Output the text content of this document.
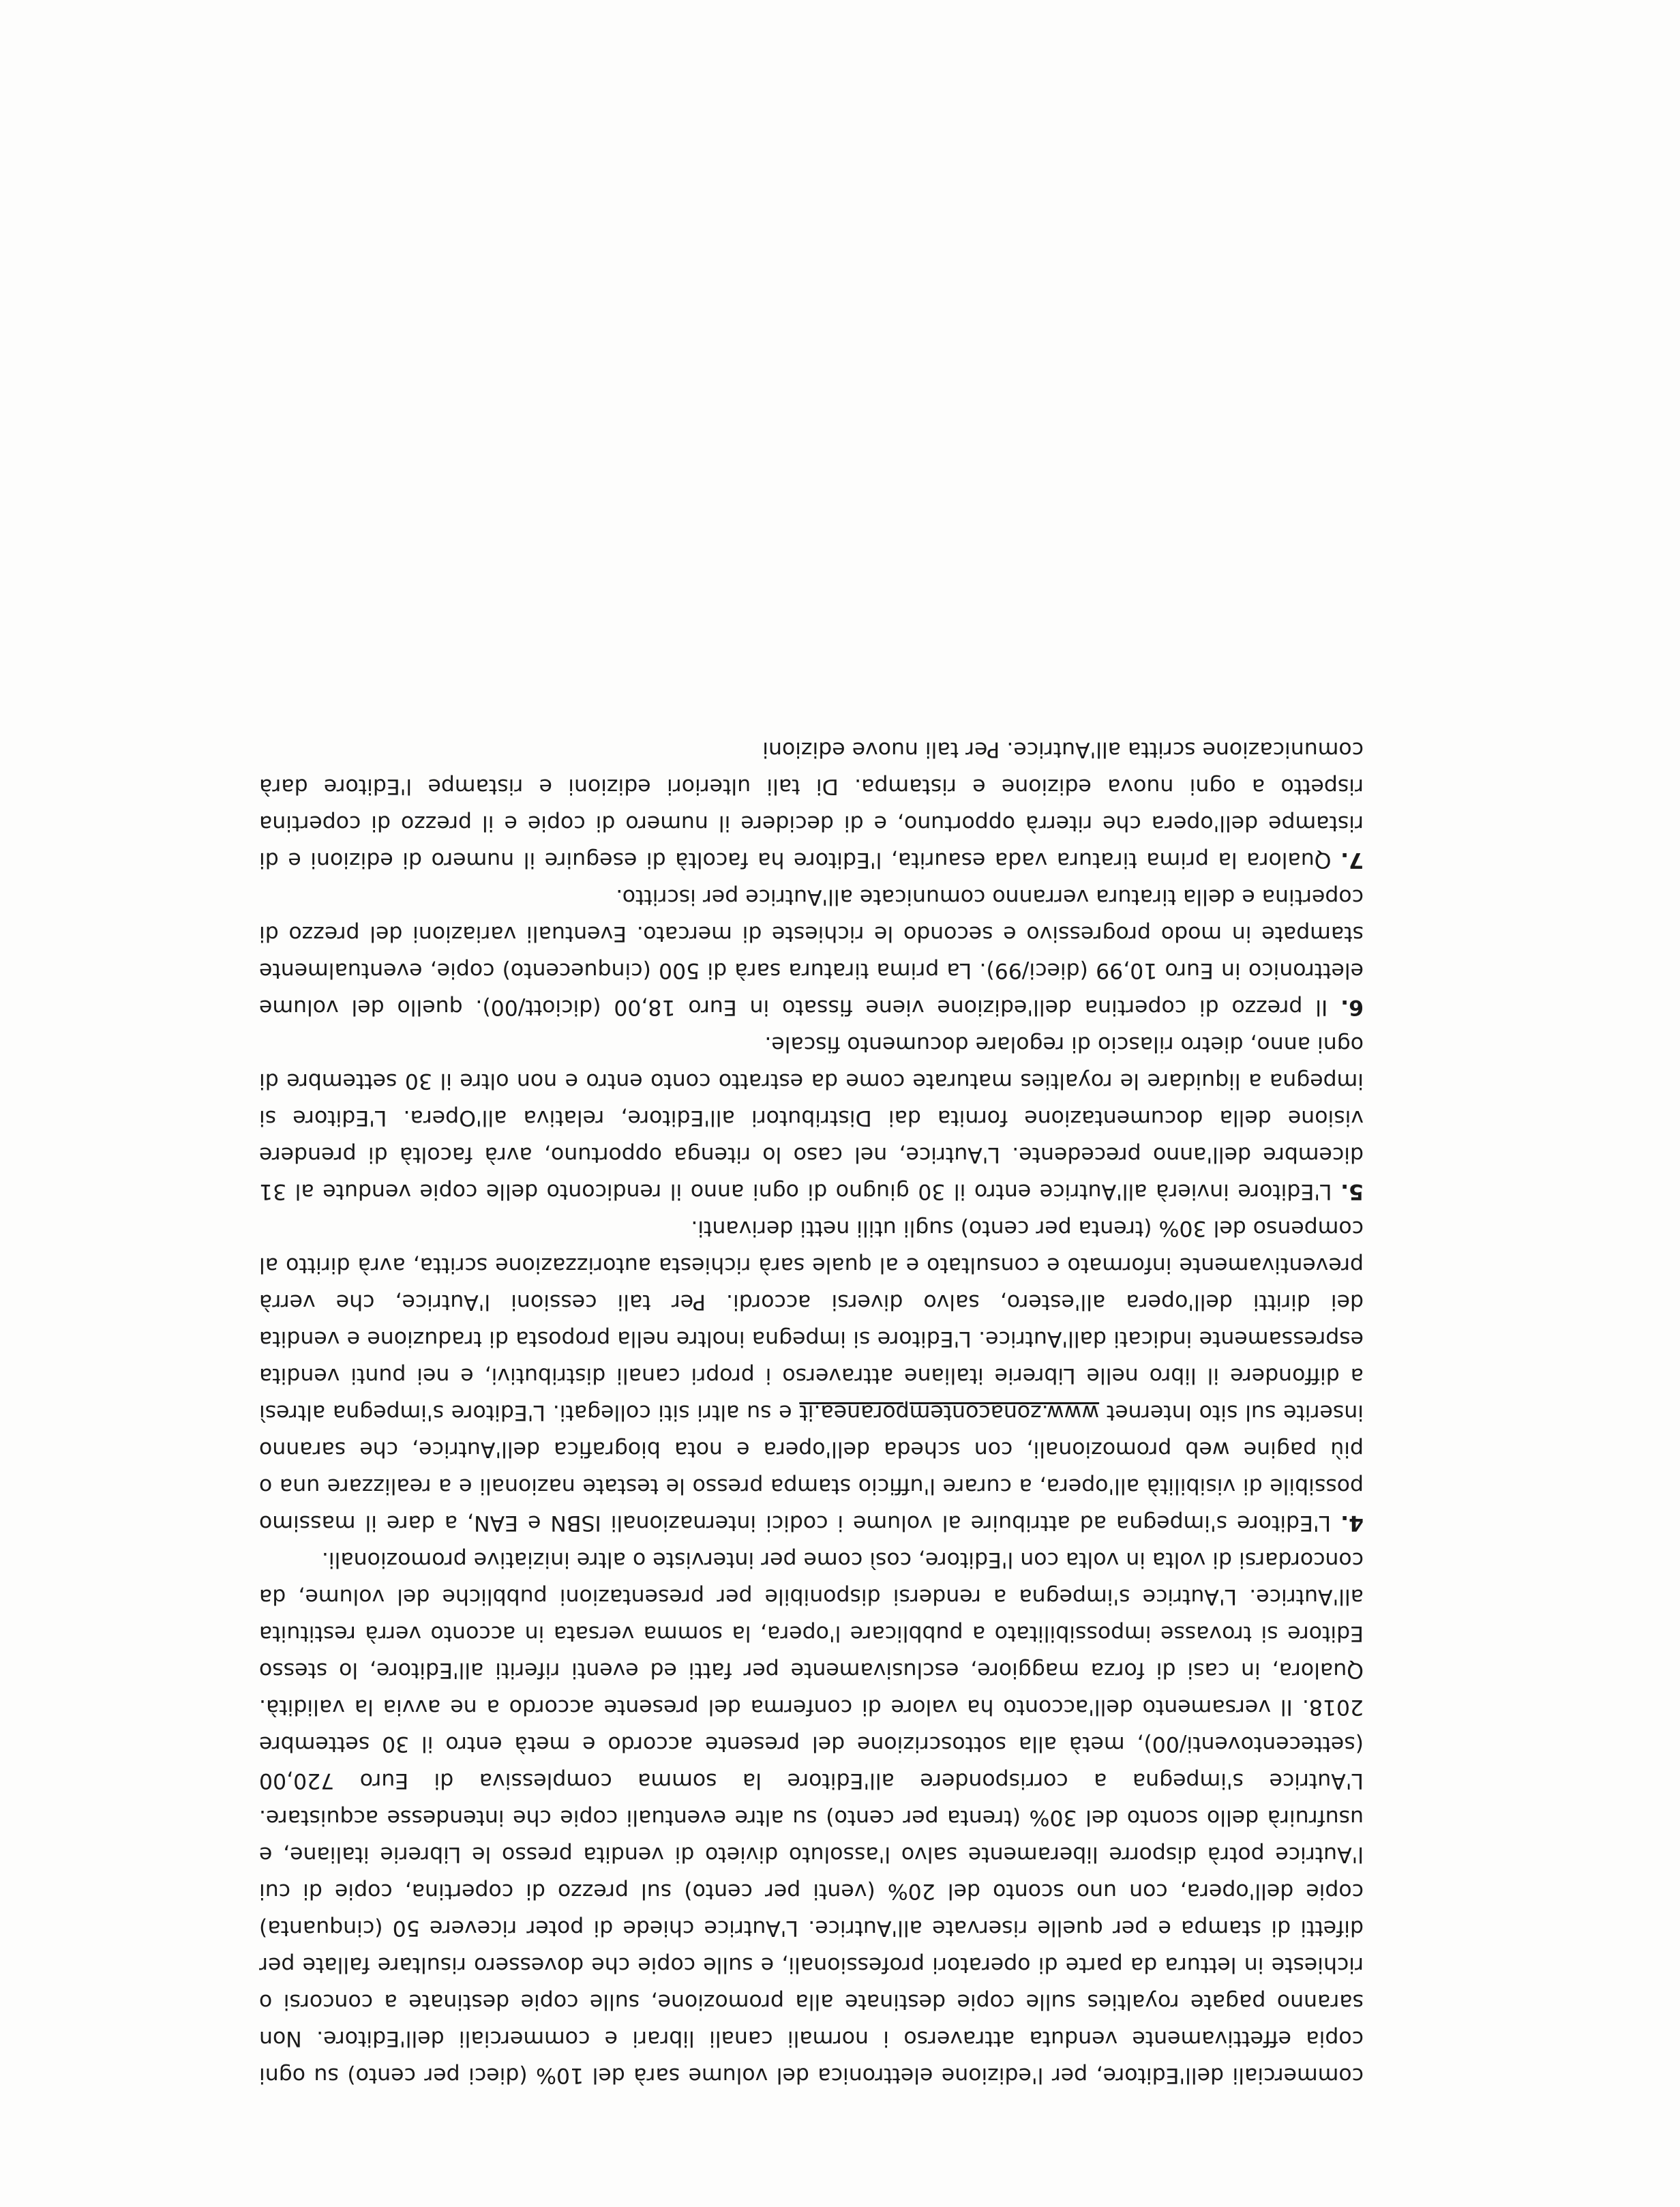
commerciali dell'Editore, per l'edizione elettronica del volume sarà del 10% (dieci per cento) su ogni copia effettivamente venduta attraverso i normali canali librari e commerciali dell'Editore. Non saranno pagate royalties sulle copie destinate alla promozione, sulle copie destinate a concorsi o richieste in lettura da parte di operatori professionali, e sulle copie che dovessero risultare fallate per difetti di stampa e per quelle riservate all'Autrice. L'Autrice chiede di poter ricevere 50 (cinquanta) copie dell'opera, con uno sconto del 20% (venti per cento) sul prezzo di copertina, copie di cui l'Autrice potrà disporre liberamente salvo l'assoluto divieto di vendita presso le Librerie italiane, e usufruirà dello sconto del 30% (trenta per cento) su altre eventuali copie che intendesse acquistare. L'Autrice s'impegna a corrispondere all'Editore la somma complessiva di Euro 720,00 (settecentoventi/00), metà alla sottoscrizione del presente accordo e metà entro il 30 settembre 2018. Il versamento dell'acconto ha valore di conferma del presente accordo a ne avvia la validità. Qualora, in casi di forza maggiore, esclusivamente per fatti ed eventi riferiti all'Editore, lo stesso Editore si trovasse impossibilitato a pubblicare l'opera, la somma versata in acconto verrà restituita all'Autrice. L'Autrice s'impegna a rendersi disponibile per presentazioni pubbliche del volume, da concordarsi di volta in volta con l'Editore, così come per interviste o altre iniziative promozionali.

4. L'Editore s'impegna ad attribuire al volume i codici internazionali ISBN e EAN, a dare il massimo possibile di visibilità all'opera, a curare l'ufficio stampa presso le testate nazionali e a realizzare una o più pagine web promozionali, con scheda dell'opera e nota biografica dell'Autrice, che saranno inserite sul sito Internet www.zonacontemporanea.it e su altri siti collegati. L'Editore s'impegna altresì a diffondere il libro nelle Librerie italiane attraverso i propri canali distributivi, e nei punti vendita espressamente indicati dall'Autrice. L'Editore si impegna inoltre nella proposta di traduzione e vendita dei diritti dell'opera all'estero, salvo diversi accordi. Per tali cessioni l'Autrice, che verrà preventivamente informato e consultato e al quale sarà richiesta autorizzazione scritta, avrà diritto al compenso del 30% (trenta per cento) sugli utili netti derivanti.

5. L'Editore invierà all'Autrice entro il 30 giugno di ogni anno il rendiconto delle copie vendute al 31 dicembre dell'anno precedente. L'Autrice, nel caso lo ritenga opportuno, avrà facoltà di prendere visione della documentazione fornita dai Distributori all'Editore, relativa all'Opera. L'Editore si impegna a liquidare le royalties maturate come da estratto conto entro e non oltre il 30 settembre di ogni anno, dietro rilascio di regolare documento fiscale.

6. Il prezzo di copertina dell'edizione viene fissato in Euro 18,00 (diciott/00). quello del volume elettronico in Euro 10,99 (dieci/99). La prima tiratura sarà di 500 (cinquecento) copie, eventualmente stampate in modo progressivo e secondo le richieste di mercato. Eventuali variazioni del prezzo di copertina e della tiratura verranno comunicate all'Autrice per iscritto.

7. Qualora la prima tiratura vada esaurita, l'Editore ha facoltà di eseguire il numero di edizioni e di ristampe dell'opera che riterrà opportuno, e di decidere il numero di copie e il prezzo di copertina rispetto a ogni nuova edizione e ristampa. Di tali ulteriori edizioni e ristampe l'Editore darà comunicazione scritta all'Autrice. Per tali nuove edizioni
